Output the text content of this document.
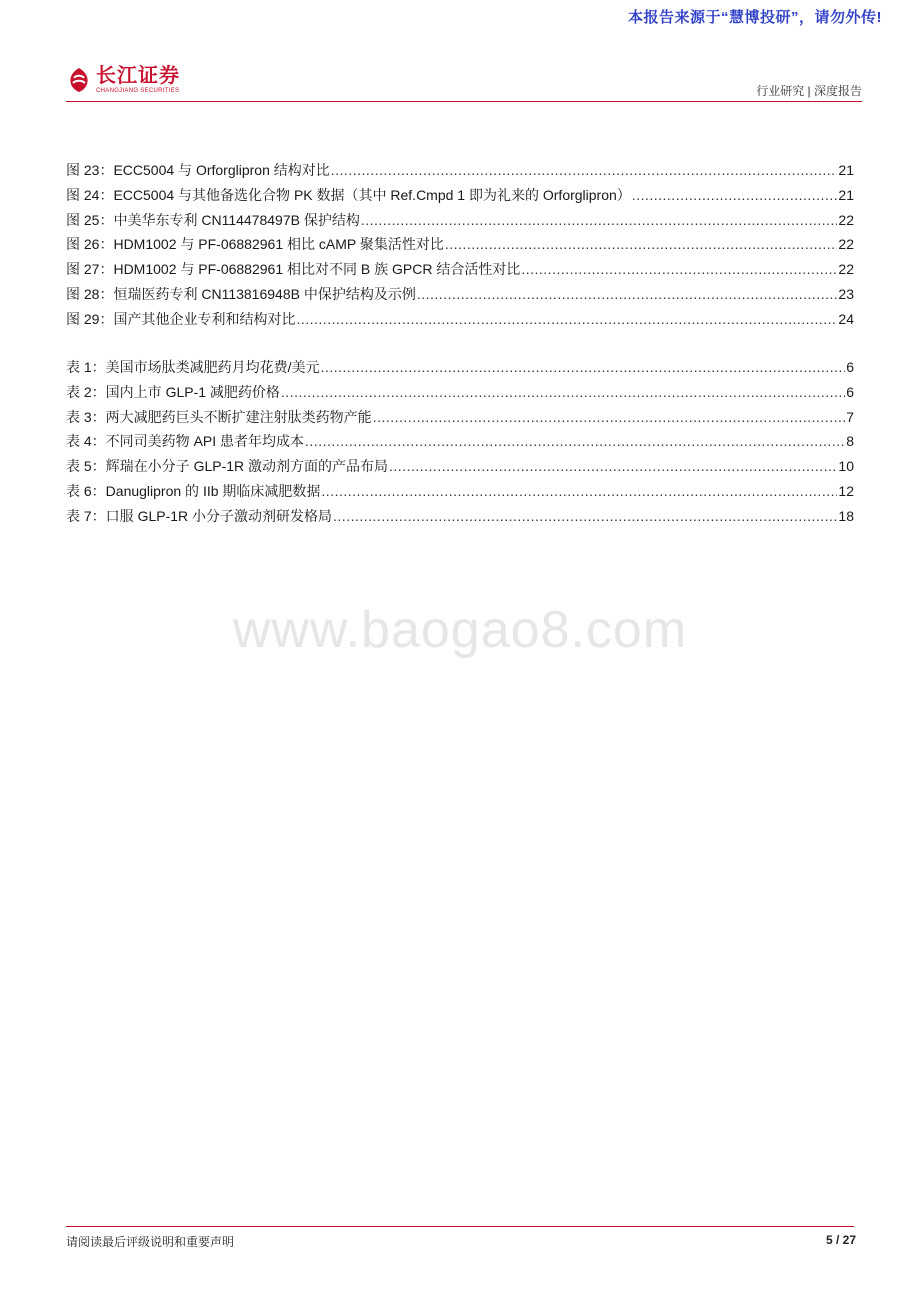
本报告来源于“慧博投研”，请勿外传!
长江证券
CHANGJIANG SECURITIES	行业研究 | 深度报告
图 23：ECC5004 与 Orforglipron 结构对比 .....	21
图 24：ECC5004 与其他备选化合物 PK 数据（其中 Ref.Cmpd 1 即为礼来的 Orforglipron） .....	21
图 25：中美华东专利 CN114478497B 保护结构 .....	22
图 26：HDM1002 与 PF-06882961 相比 cAMP 聚集活性对比 .....	22
图 27：HDM1002 与 PF-06882961 相比对不同 B 族 GPCR 结合活性对比 .....	22
图 28：恒瑞医药专利 CN113816948B 中保护结构及示例 .....	23
图 29：国产其他企业专利和结构对比 .....	24
表 1：美国市场肽类减肥药月均花费/美元 .....	6
表 2：国内上市 GLP-1 减肥药价格 .....	6
表 3：两大减肥药巨头不断扩建注射肽类药物产能 .....	7
表 4：不同司美药物 API 患者年均成本 .....	8
表 5：辉瑞在小分子 GLP-1R 激动剂方面的产品布局 .....	10
表 6：Danuglipron 的 IIb 期临床减肥数据 .....	12
表 7：口服 GLP-1R 小分子激动剂研发格局 .....	18
www.baogao8.com
请阅读最后评级说明和重要声明	5 / 27
